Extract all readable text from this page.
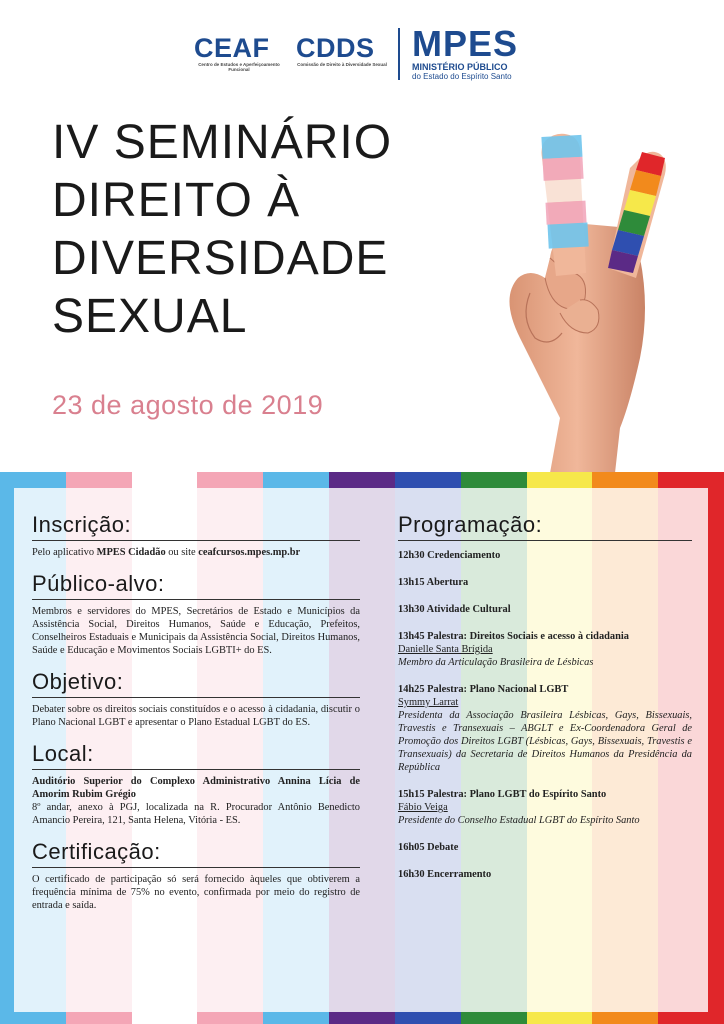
CEAF
Centro de Estudos e Aperfeiçoamento Funcional
CDDS
Comissão de Direito à Diversidade Sexual
MPES
MINISTÉRIO PÚBLICO
do Estado do Espírito Santo
IV SEMINÁRIO
DIREITO À
DIVERSIDADE
SEXUAL
23 de agosto de 2019
Inscrição:
Pelo aplicativo MPES Cidadão ou site ceafcursos.mpes.mp.br
Público-alvo:
Membros e servidores do MPES, Secretários de Estado e Municípios da Assistência Social, Direitos Humanos, Saúde e Educação, Prefeitos, Conselheiros Estaduais e Municipais da Assistência Social, Direitos Humanos, Saúde e Educação e Movimentos Sociais LGBTI+ do ES.
Objetivo:
Debater sobre os direitos sociais constituídos e o acesso à cidadania, discutir o Plano Nacional LGBT e apresentar o Plano Estadual LGBT do ES.
Local:
Auditório Superior do Complexo Administrativo Annina Lícia de Amorim Rubim Grégio
8º andar, anexo à PGJ, localizada na R. Procurador Antônio Benedicto Amancio Pereira, 121, Santa Helena, Vitória - ES.
Certificação:
O certificado de participação só será fornecido àqueles que obtiverem a frequência mínima de 75% no evento, confirmada por meio do registro de entrada e saída.
Programação:
12h30 Credenciamento
13h15 Abertura
13h30 Atividade Cultural
13h45 Palestra: Direitos Sociais e acesso à cidadania
Danielle Santa Brígida
Membro da Articulação Brasileira de Lésbicas
14h25 Palestra: Plano Nacional LGBT
Symmy Larrat
Presidenta da Associação Brasileira Lésbicas, Gays, Bissexuais, Travestis e Transexuais – ABGLT e Ex-Coordenadora Geral de Promoção dos Direitos LGBT (Lésbicas, Gays, Bissexuais, Travestis e Transexuais) da Secretaria de Direitos Humanos da Presidência da República
15h15 Palestra: Plano LGBT do Espírito Santo
Fábio Veiga
Presidente do Conselho Estadual LGBT do Espírito Santo
16h05 Debate
16h30 Encerramento
